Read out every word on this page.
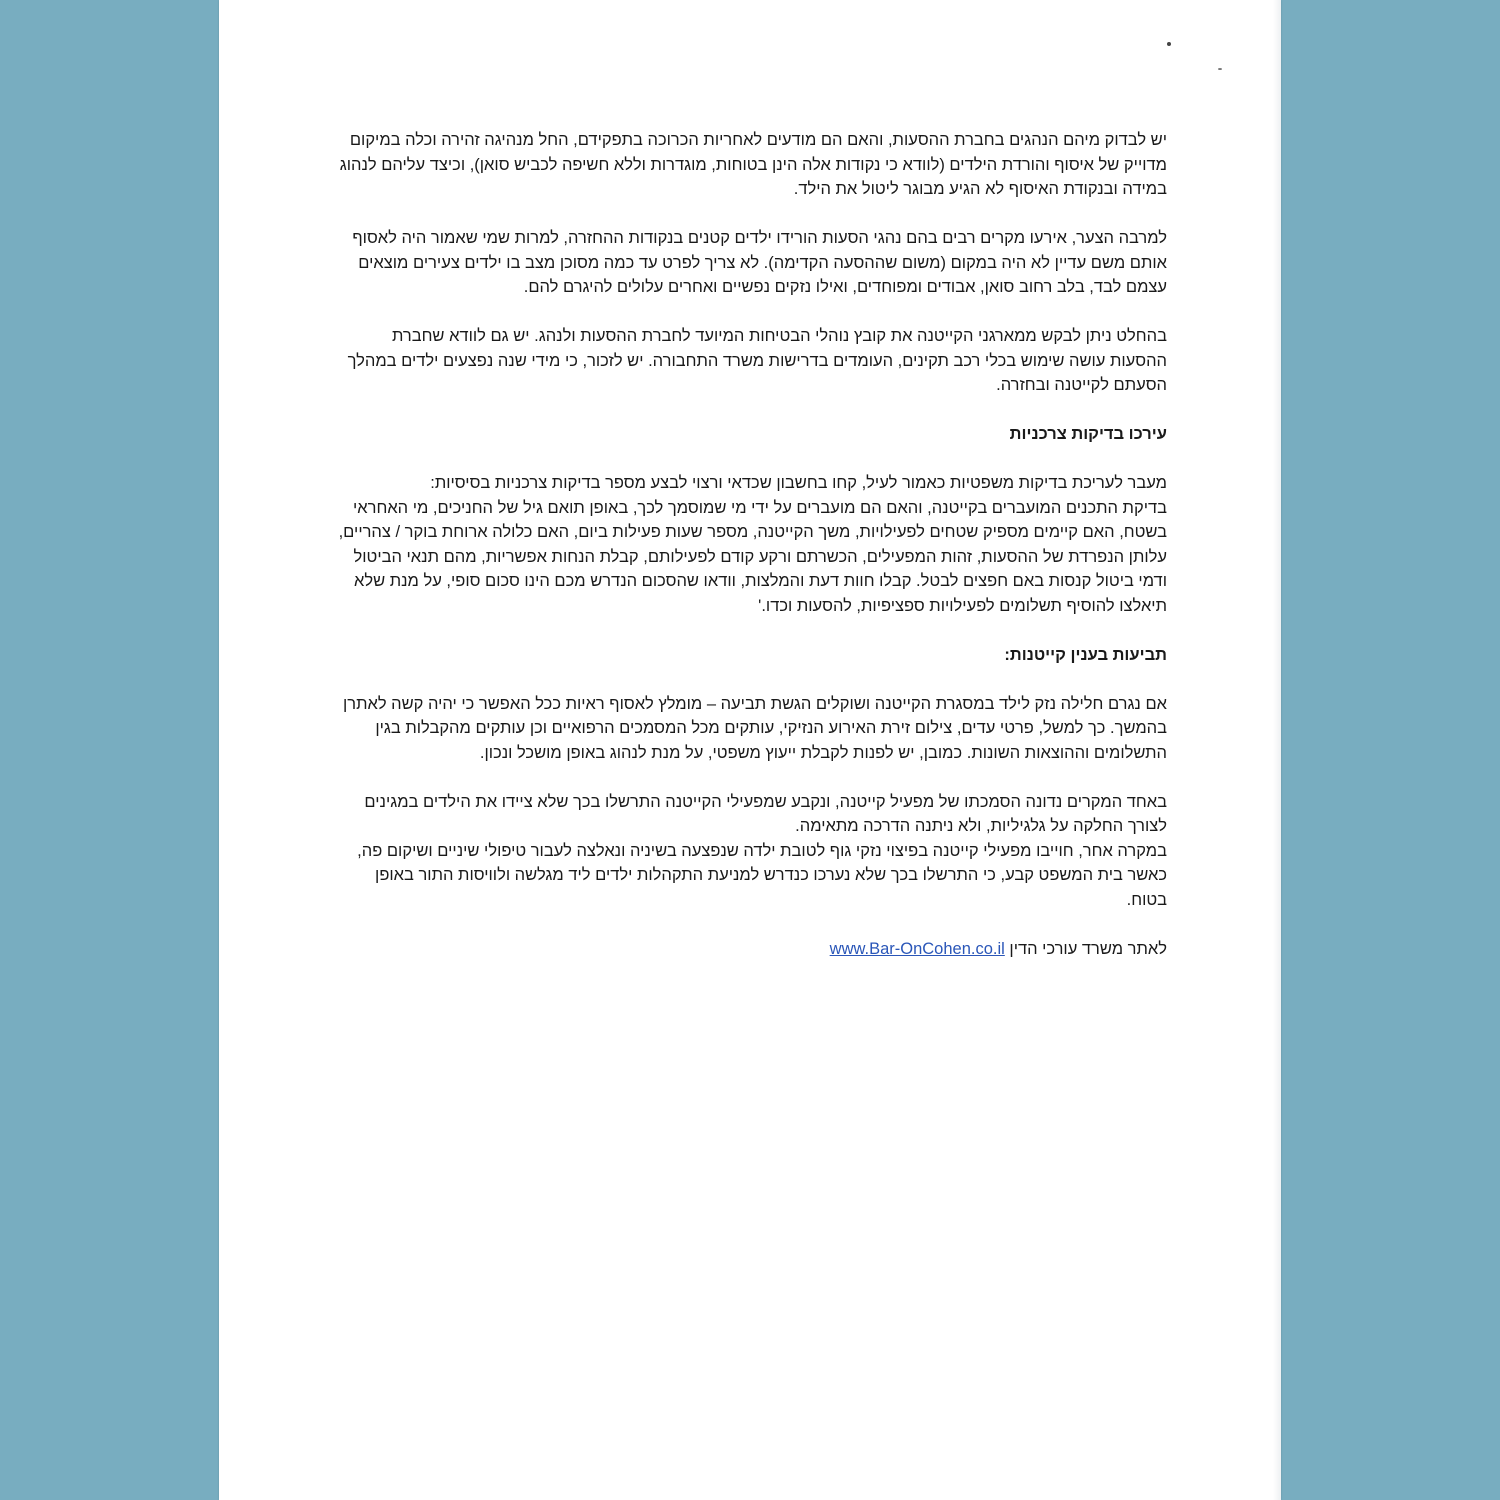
יש לבדוק מיהם הנהגים בחברת ההסעות, והאם הם מודעים לאחריות הכרוכה בתפקידם, החל מנהיגה זהירה וכלה במיקום מדוייק של איסוף והורדת הילדים (לוודא כי נקודות אלה הינן בטוחות, מוגדרות וללא חשיפה לכביש סואן), וכיצד עליהם לנהוג במידה ובנקודת האיסוף לא הגיע מבוגר ליטול את הילד.

למרבה הצער, אירעו מקרים רבים בהם נהגי הסעות הורידו ילדים קטנים בנקודות ההחזרה, למרות שמי שאמור היה לאסוף אותם משם עדיין לא היה במקום (משום שההסעה הקדימה). לא צריך לפרט עד כמה מסוכן מצב בו ילדים צעירים מוצאים עצמם לבד, בלב רחוב סואן, אבודים ומפוחדים, ואילו נזקים נפשיים ואחרים עלולים להיגרם להם.

בהחלט ניתן לבקש ממארגני הקייטנה את קובץ נוהלי הבטיחות המיועד לחברת ההסעות ולנהג. יש גם לוודא שחברת ההסעות עושה שימוש בכלי רכב תקינים, העומדים בדרישות משרד התחבורה. יש לזכור, כי מידי שנה נפצעים ילדים במהלך הסעתם לקייטנה ובחזרה.

עירכו בדיקות צרכניות

מעבר לעריכת בדיקות משפטיות כאמור לעיל, קחו בחשבון שכדאי ורצוי לבצע מספר בדיקות צרכניות בסיסיות:

בדיקת התכנים המועברים בקייטנה, והאם הם מועברים על ידי מי שמוסמך לכך, באופן תואם גיל של החניכים, מי האחראי בשטח, האם קיימים מספיק שטחים לפעילויות, משך הקייטנה, מספר שעות פעילות ביום, האם כלולה ארוחת בוקר / צהריים, עלותן הנפרדת של ההסעות, זהות המפעילים, הכשרתם ורקע קודם לפעילותם, קבלת הנחות אפשריות, מהם תנאי הביטול ודמי ביטול קנסות באם חפצים לבטל. קבלו חוות דעת והמלצות, וודאו שהסכום הנדרש מכם הינו סכום סופי, על מנת שלא תיאלצו להוסיף תשלומים לפעילויות ספציפיות, להסעות וכדו.'

תביעות בענין קייטנות:

אם נגרם חלילה נזק לילד במסגרת הקייטנה ושוקלים הגשת תביעה – מומלץ לאסוף ראיות ככל האפשר כי יהיה קשה לאתרן בהמשך. כך למשל, פרטי עדים, צילום זירת האירוע הנזיקי, עותקים מכל המסמכים הרפואיים וכן עותקים מהקבלות בגין התשלומים וההוצאות השונות. כמובן, יש לפנות לקבלת ייעוץ משפטי, על מנת לנהוג באופן מושכל ונכון.

באחד המקרים נדונה הסמכתו של מפעיל קייטנה, ונקבע שמפעילי הקייטנה התרשלו בכך שלא ציידו את הילדים במגינים לצורך החלקה על גלגיליות, ולא ניתנה הדרכה מתאימה.

במקרה אחר, חוייבו מפעילי קייטנה בפיצוי נזקי גוף לטובת ילדה שנפצעה בשיניה ונאלצה לעבור טיפולי שיניים ושיקום פה, כאשר בית המשפט קבע, כי התרשלו בכך שלא נערכו כנדרש למניעת התקהלות ילדים ליד מגלשה ולוויסות התור באופן בטוח.

לאתר משרד עורכי הדין www.Bar-OnCohen.co.il
